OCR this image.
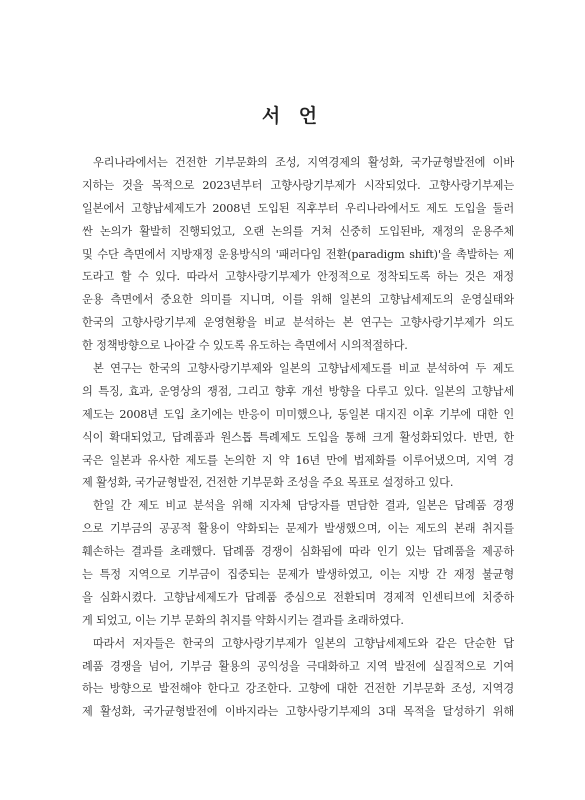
서 언
우리나라에서는 건전한 기부문화의 조성, 지역경제의 활성화, 국가균형발전에 이바
지하는 것을 목적으로 2023년부터 고향사랑기부제가 시작되었다. 고향사랑기부제는
일본에서 고향납세제도가 2008년 도입된 직후부터 우리나라에서도 제도 도입을 둘러
싼 논의가 활발히 진행되었고, 오랜 논의를 거쳐 신중히 도입된바, 재정의 운용주체
및 수단 측면에서 지방재정 운용방식의 '패러다임 전환(paradigm shift)'을 촉발하는 제
도라고 할 수 있다. 따라서 고향사랑기부제가 안정적으로 정착되도록 하는 것은 재정
운용 측면에서 중요한 의미를 지니며, 이를 위해 일본의 고향납세제도의 운영실태와
한국의 고향사랑기부제 운영현황을 비교 분석하는 본 연구는 고향사랑기부제가 의도
한 정책방향으로 나아갈 수 있도록 유도하는 측면에서 시의적절하다.
본 연구는 한국의 고향사랑기부제와 일본의 고향납세제도를 비교 분석하여 두 제도
의 특징, 효과, 운영상의 쟁점, 그리고 향후 개선 방향을 다루고 있다. 일본의 고향납세
제도는 2008년 도입 초기에는 반응이 미미했으나, 동일본 대지진 이후 기부에 대한 인
식이 확대되었고, 답례품과 원스톱 특례제도 도입을 통해 크게 활성화되었다. 반면, 한
국은 일본과 유사한 제도를 논의한 지 약 16년 만에 법제화를 이루어냈으며, 지역 경
제 활성화, 국가균형발전, 건전한 기부문화 조성을 주요 목표로 설정하고 있다.
한일 간 제도 비교 분석을 위해 지자체 담당자를 면담한 결과, 일본은 답례품 경쟁
으로 기부금의 공공적 활용이 약화되는 문제가 발생했으며, 이는 제도의 본래 취지를
훼손하는 결과를 초래했다. 답례품 경쟁이 심화됨에 따라 인기 있는 답례품을 제공하
는 특정 지역으로 기부금이 집중되는 문제가 발생하였고, 이는 지방 간 재정 불균형
을 심화시켰다. 고향납세제도가 답례품 중심으로 전환되며 경제적 인센티브에 치중하
게 되었고, 이는 기부 문화의 취지를 약화시키는 결과를 초래하였다.
따라서 저자들은 한국의 고향사랑기부제가 일본의 고향납세제도와 같은 단순한 답
례품 경쟁을 넘어, 기부금 활용의 공익성을 극대화하고 지역 발전에 실질적으로 기여
하는 방향으로 발전해야 한다고 강조한다. 고향에 대한 건전한 기부문화 조성, 지역경
제 활성화, 국가균형발전에 이바지라는 고향사랑기부제의 3대 목적을 달성하기 위해
